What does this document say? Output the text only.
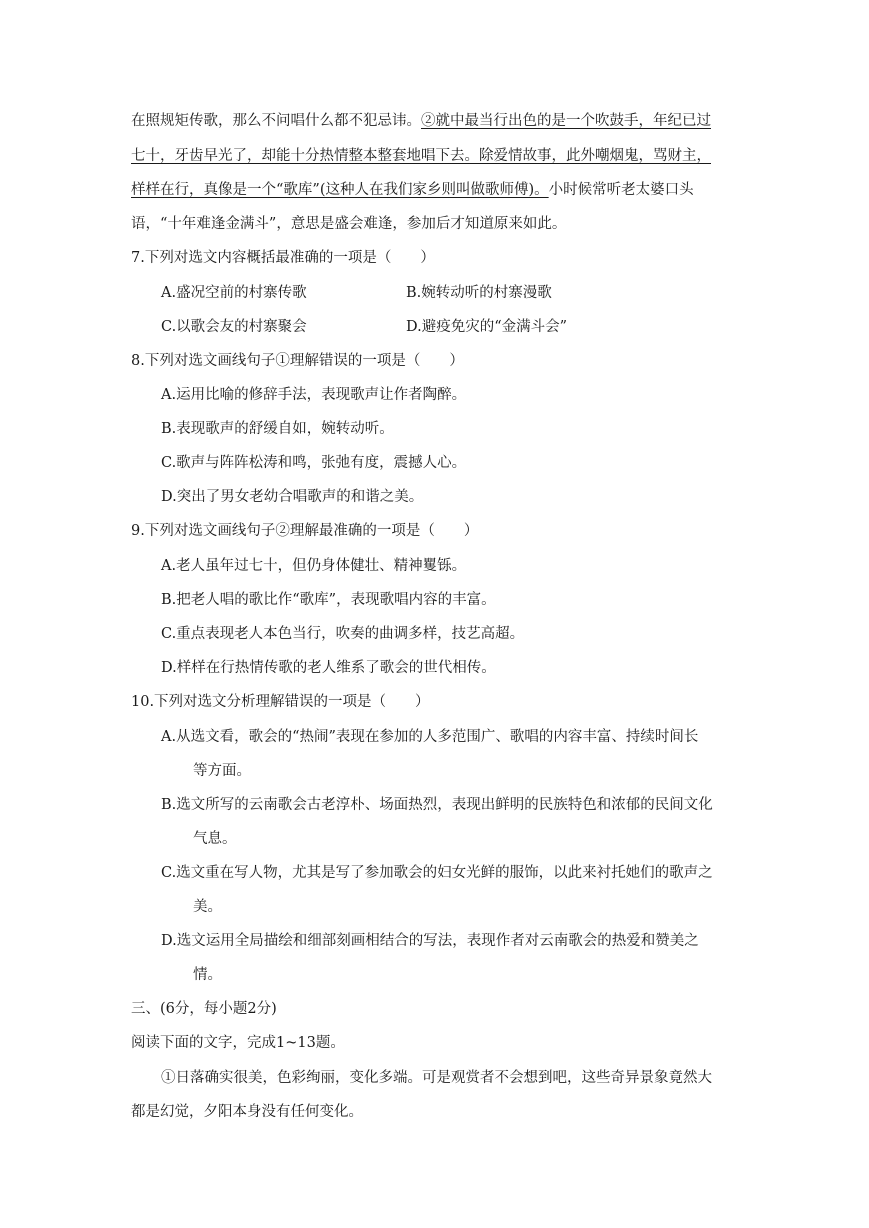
在照规矩传歌，那么不问唱什么都不犯忌讳。②就中最当行出色的是一个吹鼓手，年纪已过
七十，牙齿早光了，却能十分热情整本整套地唱下去。除爱情故事，此外嘲烟鬼，骂财主，
样样在行，真像是一个“歌库”(这种人在我们家乡则叫做歌师傅)。小时候常听老太婆口头
语，“十年难逢金满斗”，意思是盛会难逢，参加后才知道原来如此。
7.下列对选文内容概括最准确的一项是（　　）
A.盛况空前的村寨传歌	B.婉转动听的村寨漫歌
C.以歌会友的村寨聚会	D.避疫免灾的“金满斗会”
8.下列对选文画线句子①理解错误的一项是（　　）
A.运用比喻的修辞手法，表现歌声让作者陶醉。
B.表现歌声的舒缓自如，婉转动听。
C.歌声与阵阵松涛和鸣，张弛有度，震撼人心。
D.突出了男女老幼合唱歌声的和谐之美。
9.下列对选文画线句子②理解最准确的一项是（　　）
A.老人虽年过七十，但仍身体健壮、精神矍铄。
B.把老人唱的歌比作“歌库”，表现歌唱内容的丰富。
C.重点表现老人本色当行，吹奏的曲调多样，技艺高超。
D.样样在行热情传歌的老人维系了歌会的世代相传。
10.下列对选文分析理解错误的一项是（　　）
A.从选文看，歌会的“热闹”表现在参加的人多范围广、歌唱的内容丰富、持续时间长
等方面。
B.选文所写的云南歌会古老淳朴、场面热烈，表现出鲜明的民族特色和浓郁的民间文化
气息。
C.选文重在写人物，尤其是写了参加歌会的妇女光鲜的服饰，以此来衬托她们的歌声之
美。
D.选文运用全局描绘和细部刻画相结合的写法，表现作者对云南歌会的热爱和赞美之
情。
三、(6分，每小题2分)
阅读下面的文字，完成1~13题。
①日落确实很美，色彩绚丽，变化多端。可是观赏者不会想到吧，这些奇异景象竟然大
都是幻觉，夕阳本身没有任何变化。
